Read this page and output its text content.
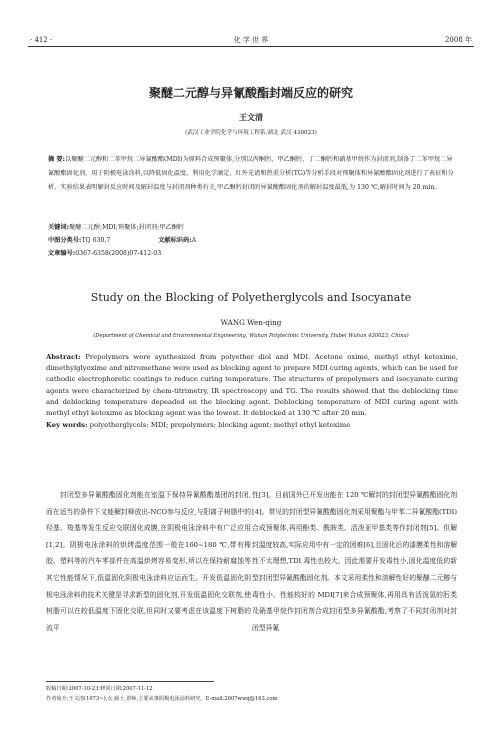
· 412 ·	化 学 世 界	2008 年
聚醚二元醇与异氰酸酯封端反应的研究
王文清
(武汉工业学院化学与环境工程系,湖北 武汉 430023)
摘 要:以聚醚二元醇和二苯甲烷二异氰酸酯(MDI)为原料合成预聚体,分别以丙酮肟、甲乙酮肟、丁二酮肟和硝基甲烷作为封闭剂,制备了二苯甲烷二异氰酸酯固化剂。用于阴极电泳涂料,以降低固化温度。利用化学滴定、红外光谱和热重分析(TG)等分析手段对预聚体和异氰酸酯固化剂进行了表征和分析。实验结果表明解封反应时间及解封温度与封闭剂种类有关,甲乙酮肟封闭的异氰酸酯固化剂的解封温度最低,为 130 ℃,解封时间为 20 min。
关键词:聚醚二元醇;MDI;预聚体;封闭剂;甲乙酮肟
中图分类号:TQ 630.7	文献标识码:A
文章编号:0367-6358(2008)07-412-03
Study on the Blocking of Polyetherglycols and Isocyanate
WANG Wen-qing
(Department of Chemical and Environmental Engineering, Wuhan Polytechnic University, Hubei Wuhan 430023, China)
Abstract: Prepolymers were synthesized from polyether diol and MDI. Acetone oxime, methyl ethyl ketoxime, dimethylglyoxime and nitromethane were used as blocking agent to prepare MDI curing agents, which can be used for cathodic electrophoretic coatings to reduce curing temperature. The structures of prepolymers and isocyanate curing agents were characterized by chem-titrimetry, IR spectroscopy and TG. The results showed that the deblocking time and deblocking temperature depeaded on the blocking agent. Deblocking temperature of MDI curing agent with methyl ethyl ketoxime as blocking agent was the lowest. It deblocked at 130 ℃ after 20 min.
Key words: polyetherglycols; MDI; prepolymers; blocking agent; methyl ethyl ketoxime
封闭型多异氰酸酯固化剂能在室温下保持异氰酸酯基团的封闭,而在适当的条件下又能解封释放出-NCO参与反应,与阳离子树脂中的羟基、羧基等发生反应交联固化成膜,在阴极电泳涂料中有广泛应用[1,2]。阴极电泳涂料的烘烤温度范围一般在160~180 ℃,带有橡胶、塑料等的汽车零部件在高温烘烤容易变形,所以在保持耐腐蚀等其它性能情况下,低温固化阴极电泳涂料应运而生。开发低温固化阴极电泳涂料的技术关键是寻求新型的固化剂,开发低温固化交联剂,使树脂可以在较低温度下固化交联,但同时又要考虑在该温度下树脂的流平
性[3]。目前国外已开发出能在 120 ℃解封的封闭型异氰酸酯固化剂[4]。常见的封闭型异氰酸酯固化剂采用聚酯与甲苯二异氰酸酯(TDI)合成预聚体,再用酚类、酰胺类、活泼亚甲基类等作封闭剂[5]。但解封温度较高,实际应用中有一定的困难[6],且固化后的漆膜柔性和溶解性不太理想,TDI 毒性也较大。因此需要开发毒性小,固化温度低的新型封闭型异氰酸酯固化剂。本文采用柔性和溶解性好的聚醚二元醇与毒性小、性能较好的 MDI[7]来合成预聚体,再用具有活泼氢的肟类及硝基甲烷作封闭剂合成封闭型多异氰酸酯,考察了不同封闭剂对封闭型异氰
收稿日期:2007-10-23;修回日期:2007-11-12
作者简介:王文清(1973~),女,硕士,讲师,主要从事阴极电泳涂料研究。E-mail:2007wwq@163.com
